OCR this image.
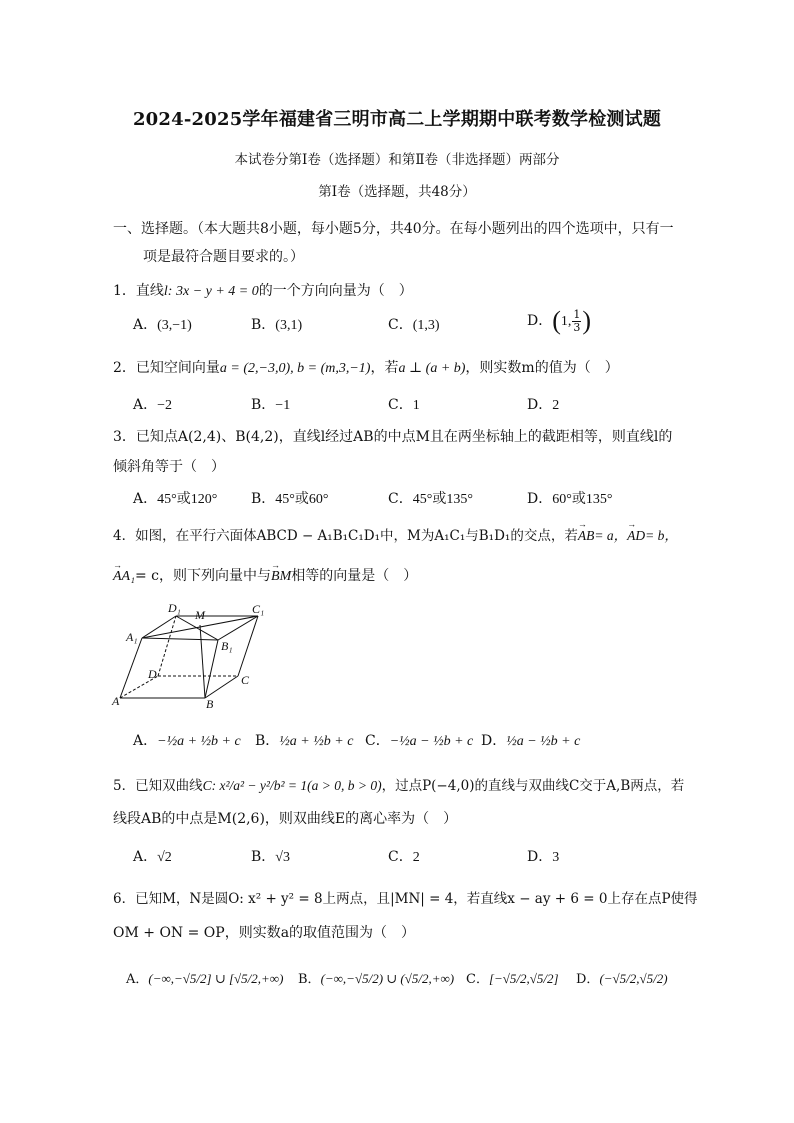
2024-2025学年福建省三明市高二上学期期中联考数学检测试题
本试卷分第Ⅰ卷（选择题）和第Ⅱ卷（非选择题）两部分
第Ⅰ卷（选择题，共48分）
一、选择题。（本大题共8小题，每小题5分，共40分。在每小题列出的四个选项中，只有一
项是最符合题目要求的。）
1．直线l: 3x − y + 4 = 0的一个方向向量为（　）
A．(3,−1)	B．(3,1)	C．(1,3)	D．(1, $\frac{1}{3}$ )
2．已知空间向量a = (2,−3,0), b = (m,3,−1)，若a ⊥ (a + b)，则实数m的值为（　）
A．−2	B．−1	C．1	D．2
3．已知点A(2,4)、B(4,2)，直线l经过AB的中点M且在两坐标轴上的截距相等，则直线l的
倾斜角等于（　）
A．45°或120° B．45°或60°	C．45°或135°	D．60°或135°
4．如图，在平行六面体ABCD − A₁B₁C₁D₁中，M为A₁C₁与B₁D₁的交点，若→ AB= a，→ AD= b，
→ AA₁= c，则下列向量中与→ BM相等的向量是（　）
D₁ M	C₁
A₁
B₁
D	C
A	B
A．−½a + ½b + c B．½a + ½b + c C．−½a − ½b + c D．½a − ½b + c
5．已知双曲线C: x²/a² − y²/b² = 1(a > 0, b > 0)，过点P(−4,0)的直线与双曲线C交于A,B两点，若
线段AB的中点是M(2,6)，则双曲线E的离心率为（　）
A．√2	B．√3	C．2	D．3
6．已知M，N是圆O: x² + y² = 8上两点，且|MN| = 4，若直线x − ay + 6 = 0上存在点P使得
OM + ON = OP，则实数a的取值范围为（　）
A．(−∞,−√5/2] ∪ [√5/2,+∞) B．(−∞,−√5/2) ∪ (√5/2,+∞) C．[−√5/2,√5/2] D．(−√5/2,√5/2)
